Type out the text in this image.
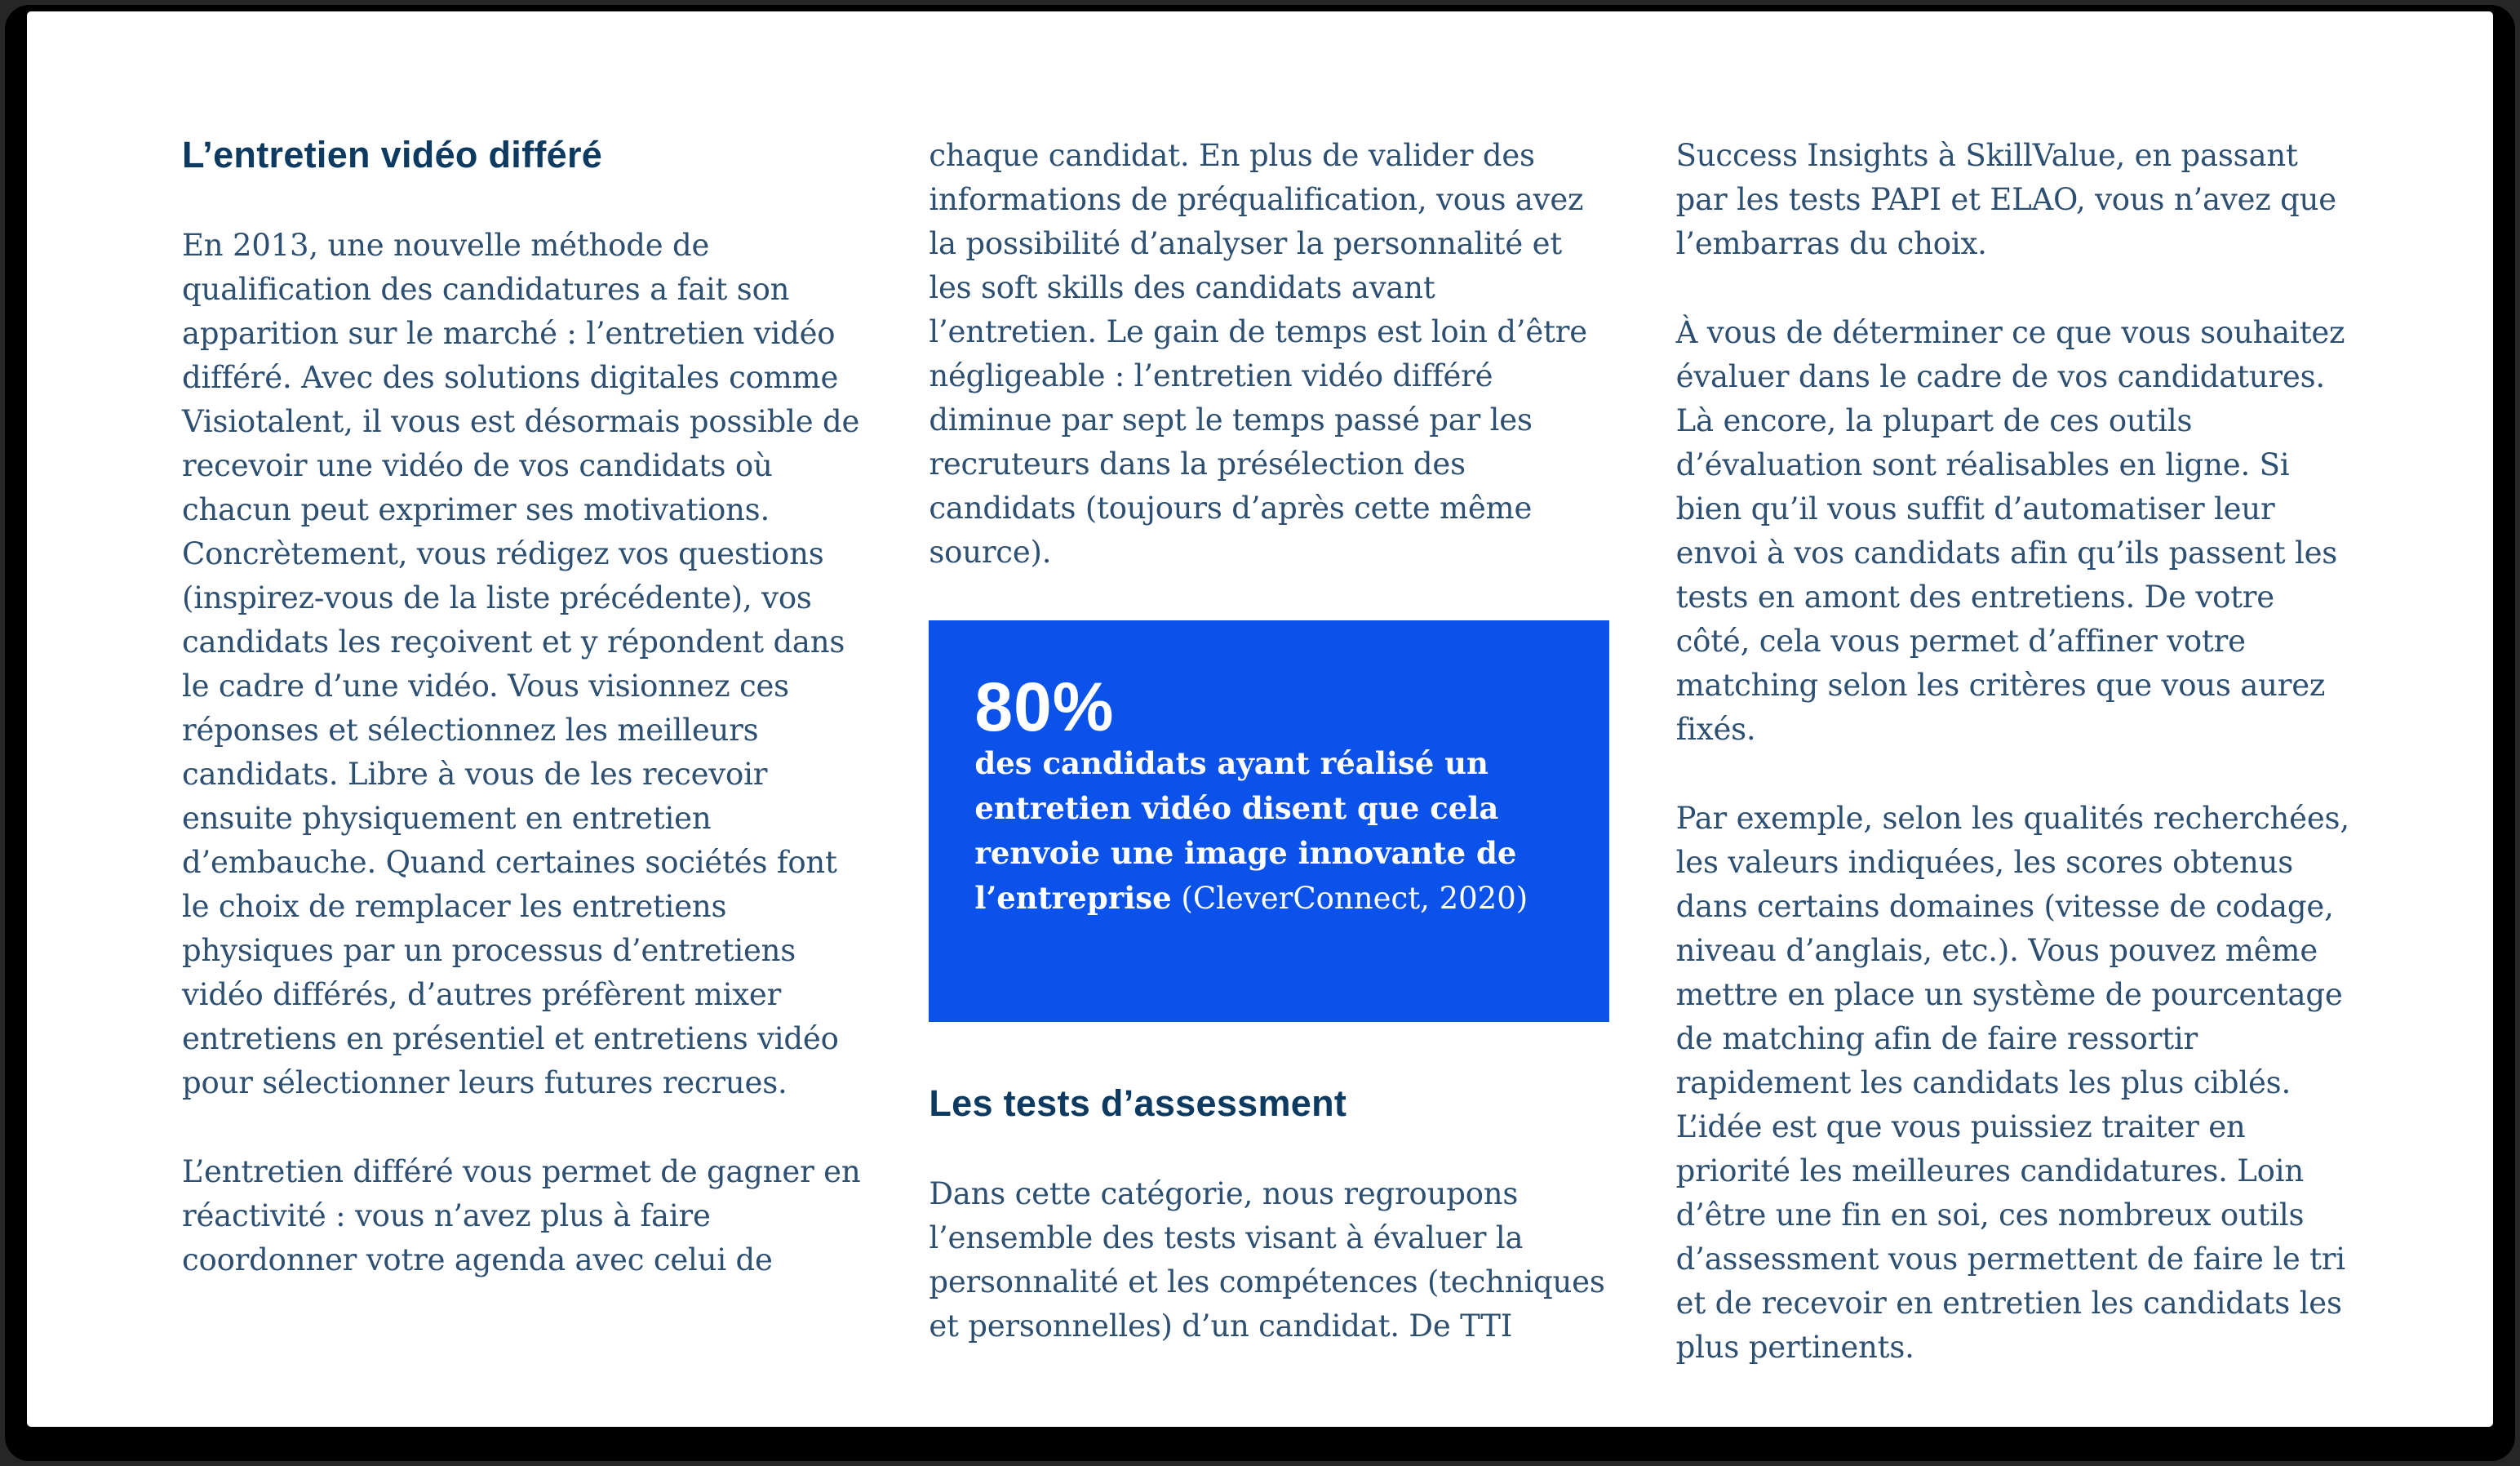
L’entretien vidéo différé

En 2013, une nouvelle méthode de qualification des candidatures a fait son apparition sur le marché : l’entretien vidéo différé. Avec des solutions digitales comme Visiotalent, il vous est désormais possible de recevoir une vidéo de vos candidats où chacun peut exprimer ses motivations. Concrètement, vous rédigez vos questions (inspirez-vous de la liste précédente), vos candidats les reçoivent et y répondent dans le cadre d’une vidéo. Vous visionnez ces réponses et sélectionnez les meilleurs candidats. Libre à vous de les recevoir ensuite physiquement en entretien d’embauche. Quand certaines sociétés font le choix de remplacer les entretiens physiques par un processus d’entretiens vidéo différés, d’autres préfèrent mixer entretiens en présentiel et entretiens vidéo pour sélectionner leurs futures recrues.

L’entretien différé vous permet de gagner en réactivité : vous n’avez plus à faire coordonner votre agenda avec celui de

chaque candidat. En plus de valider des informations de préqualification, vous avez la possibilité d’analyser la personnalité et les soft skills des candidats avant l’entretien. Le gain de temps est loin d’être négligeable : l’entretien vidéo différé diminue par sept le temps passé par les recruteurs dans la présélection des candidats (toujours d’après cette même source).

80%

des candidats ayant réalisé un entretien vidéo disent que cela renvoie une image innovante de l’entreprise (CleverConnect, 2020)

Les tests d’assessment

Dans cette catégorie, nous regroupons l’ensemble des tests visant à évaluer la personnalité et les compétences (techniques et personnelles) d’un candidat. De TTI

Success Insights à SkillValue, en passant par les tests PAPI et ELAO, vous n’avez que l’embarras du choix.

À vous de déterminer ce que vous souhaitez évaluer dans le cadre de vos candidatures. Là encore, la plupart de ces outils d’évaluation sont réalisables en ligne. Si bien qu’il vous suffit d’automatiser leur envoi à vos candidats afin qu’ils passent les tests en amont des entretiens. De votre côté, cela vous permet d’affiner votre matching selon les critères que vous aurez fixés.

Par exemple, selon les qualités recherchées, les valeurs indiquées, les scores obtenus dans certains domaines (vitesse de codage, niveau d’anglais, etc.). Vous pouvez même mettre en place un système de pourcentage de matching afin de faire ressortir rapidement les candidats les plus ciblés. L’idée est que vous puissiez traiter en priorité les meilleures candidatures. Loin d’être une fin en soi, ces nombreux outils d’assessment vous permettent de faire le tri et de recevoir en entretien les candidats les plus pertinents.
